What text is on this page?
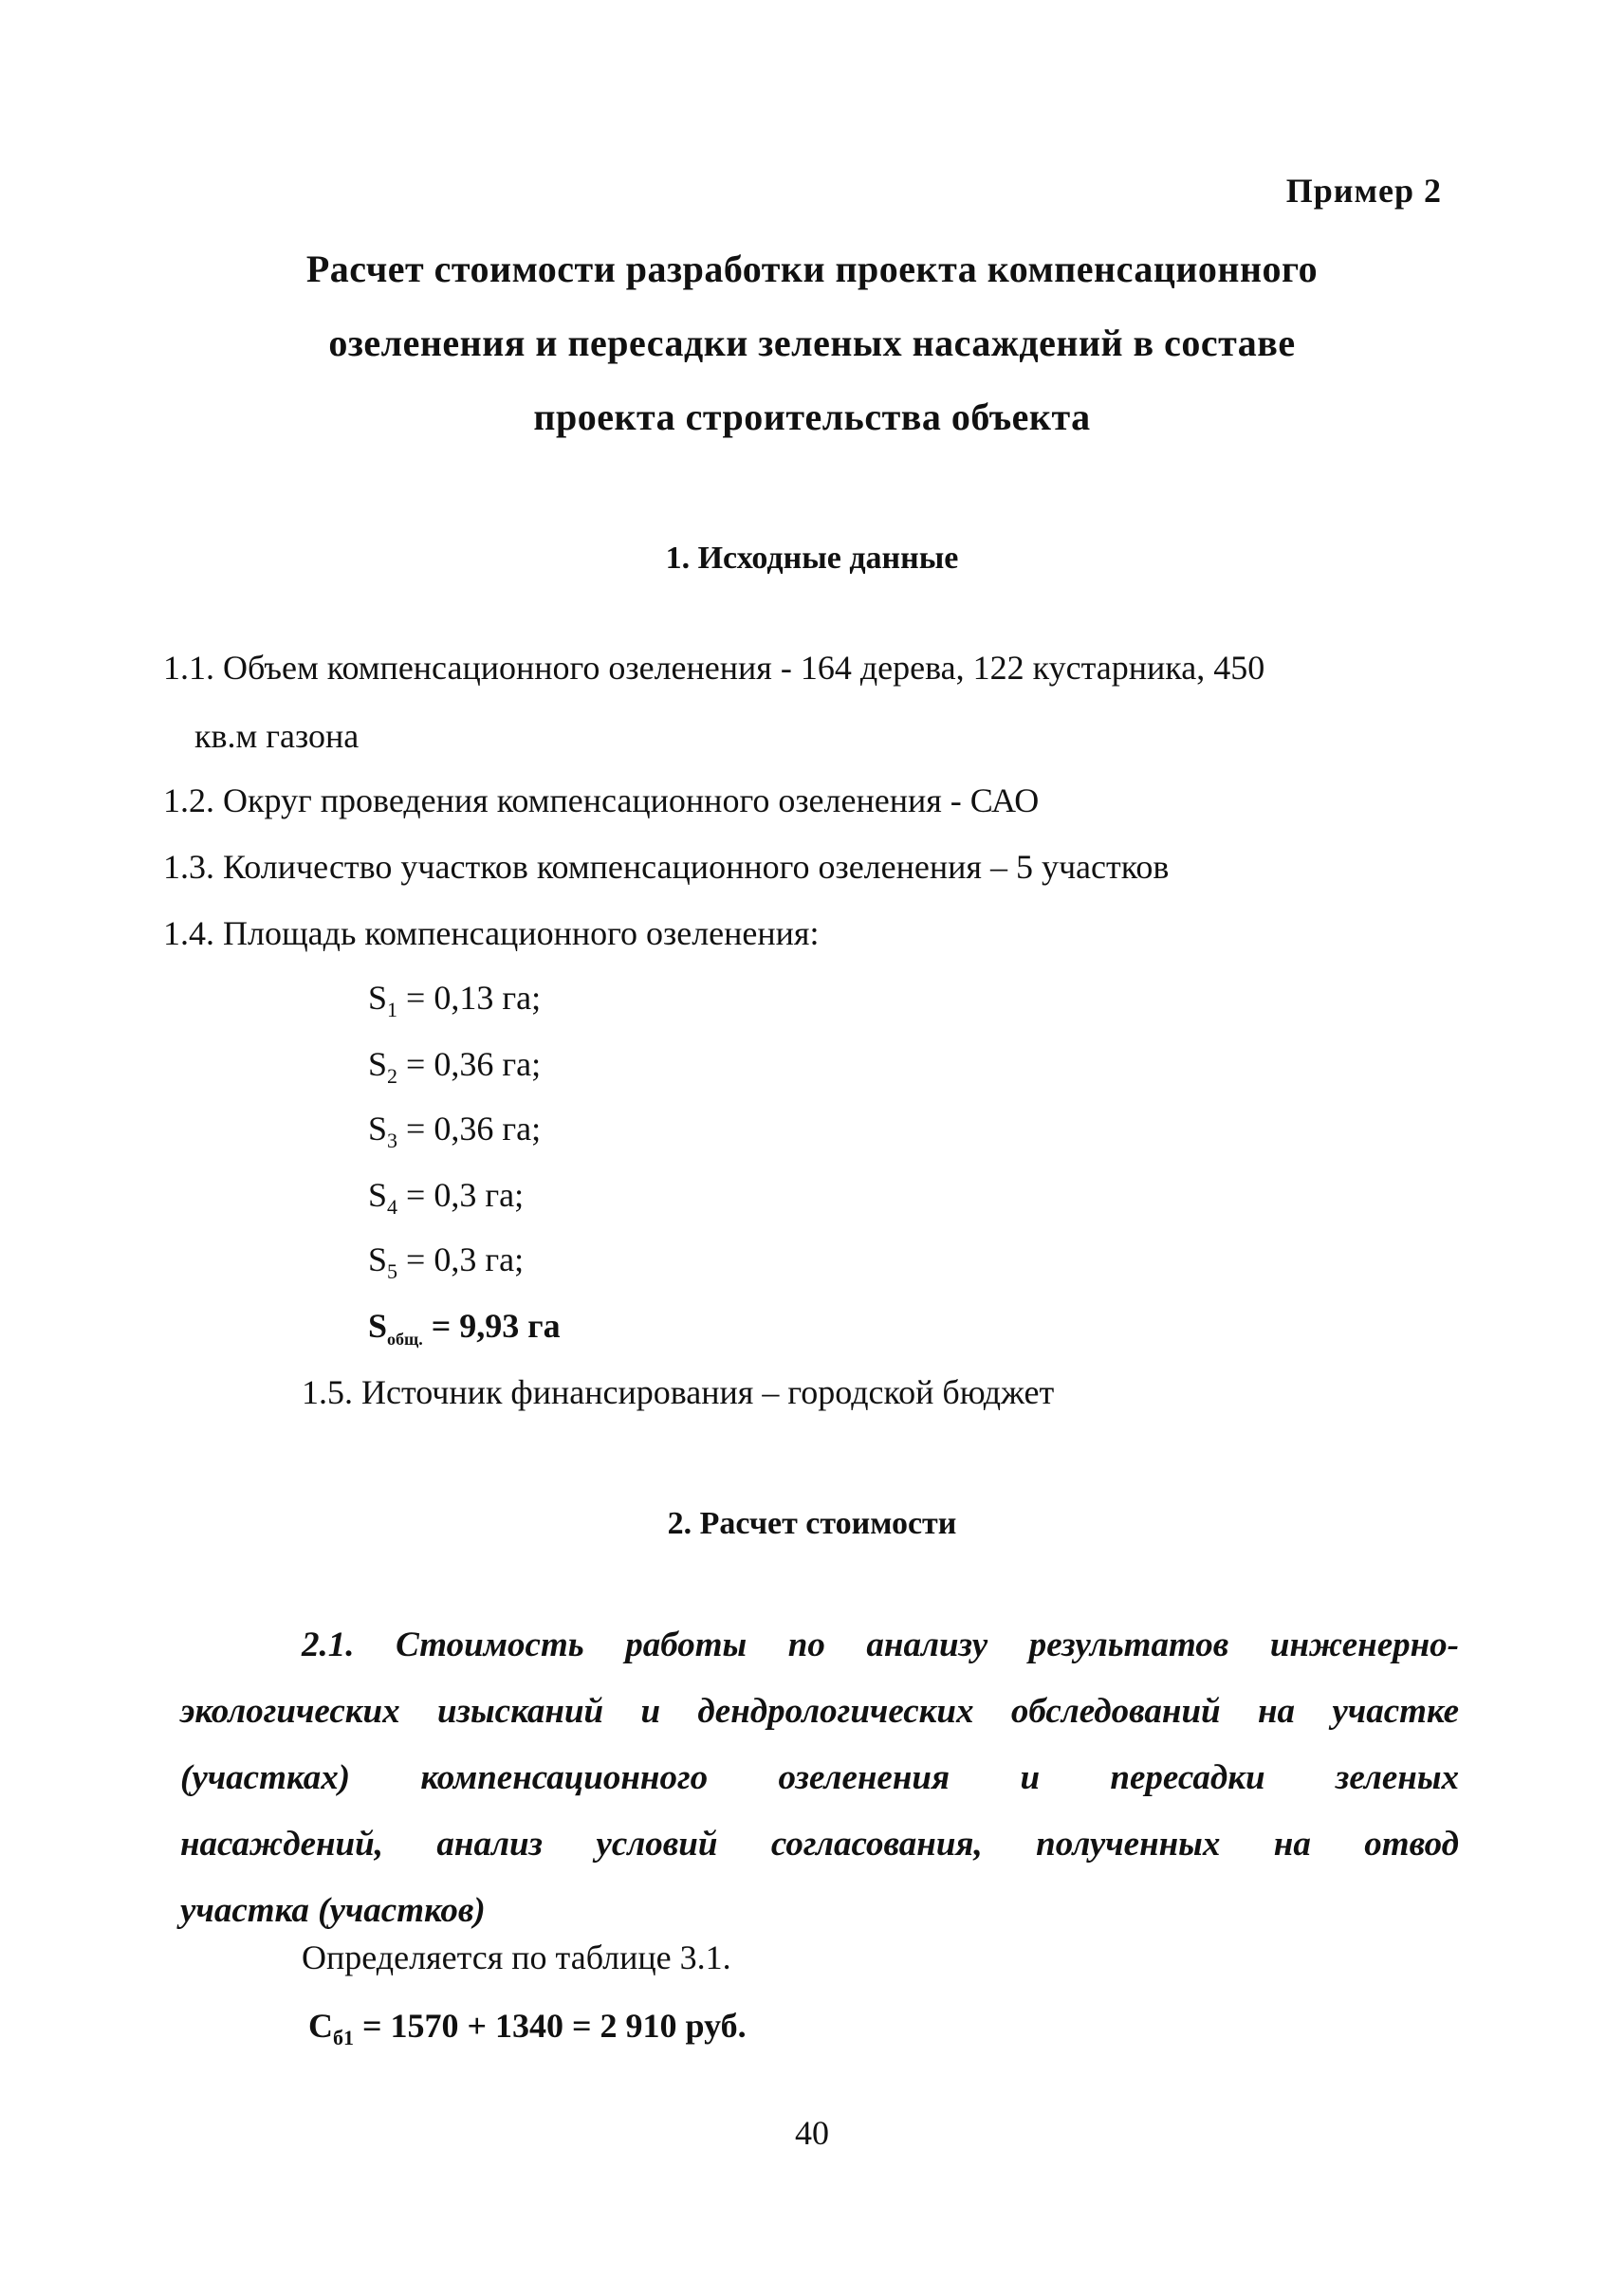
Пример 2
Расчет стоимости разработки проекта компенсационного
озеленения и пересадки зеленых насаждений в составе
проекта строительства объекта
1. Исходные данные
1.1. Объем компенсационного озеленения - 164 дерева, 122 кустарника, 450
кв.м газона
1.2. Округ проведения компенсационного озеленения - САО
1.3. Количество участков компенсационного озеленения – 5 участков
1.4. Площадь компенсационного озеленения:
$S_1 = 0,13$ га;
$S_2 = 0,36$ га;
$S_3 = 0,36$ га;
$S_4 = 0,3$ га;
$S_5 = 0,3$ га;
$S_{общ.} = 9,93$ га
1.5. Источник финансирования – городской бюджет
2. Расчет стоимости
2.1. Стоимость работы по анализу результатов инженерно-
экологических изысканий и дендрологических обследований на участке
(участках) компенсационного озеленения и пересадки зеленых
насаждений, анализ условий согласования, полученных на отвод
участка (участков)
Определяется по таблице 3.1.
$С_{б1} = 1570 + 1340 = 2$ 910 руб.
40
